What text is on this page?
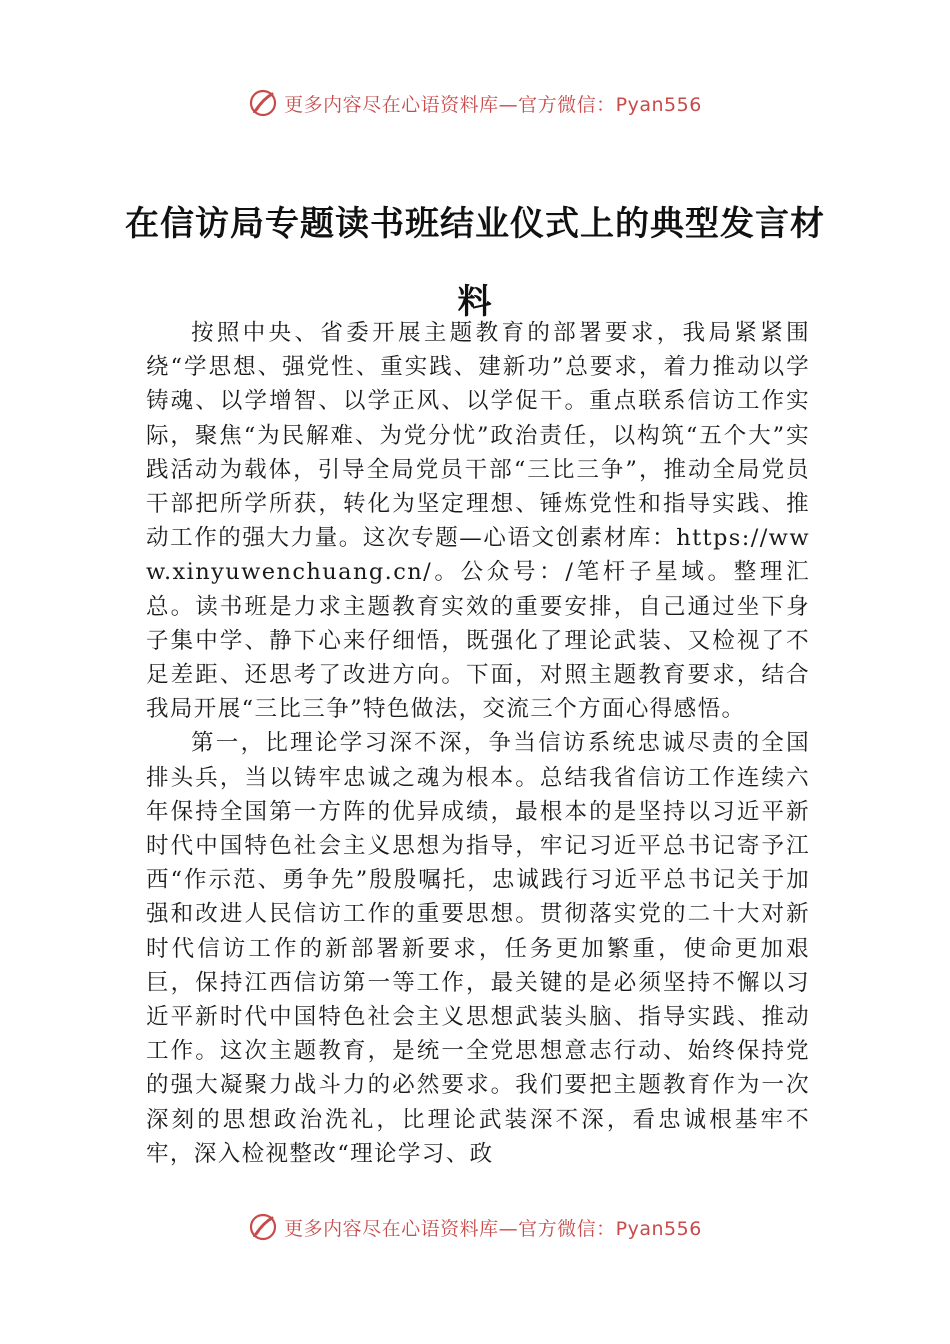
更多内容尽在心语资料库—官方微信：Pyan556
在信访局专题读书班结业仪式上的典型发言材料

按照中央、省委开展主题教育的部署要求，我局紧紧围绕“学思想、强党性、重实践、建新功”总要求，着力推动以学铸魂、以学增智、以学正风、以学促干。重点联系信访工作实际，聚焦“为民解难、为党分忧”政治责任，以构筑“五个大”实践活动为载体，引导全局党员干部“三比三争”，推动全局党员干部把所学所获，转化为坚定理想、锤炼党性和指导实践、推动工作的强大力量。这次专题—心语文创素材库：https://www.xinyuwenchuang.cn/。公众号：/笔杆子星域。整理汇总。读书班是力求主题教育实效的重要安排，自己通过坐下身子集中学、静下心来仔细悟，既强化了理论武装、又检视了不足差距、还思考了改进方向。下面，对照主题教育要求，结合我局开展“三比三争”特色做法，交流三个方面心得感悟。

第一，比理论学习深不深，争当信访系统忠诚尽责的全国排头兵，当以铸牢忠诚之魂为根本。总结我省信访工作连续六年保持全国第一方阵的优异成绩，最根本的是坚持以习近平新时代中国特色社会主义思想为指导，牢记习近平总书记寄予江西“作示范、勇争先”殷殷嘱托，忠诚践行习近平总书记关于加强和改进人民信访工作的重要思想。贯彻落实党的二十大对新时代信访工作的新部署新要求，任务更加繁重，使命更加艰巨，保持江西信访第一等工作，最关键的是必须坚持不懈以习近平新时代中国特色社会主义思想武装头脑、指导实践、推动工作。这次主题教育，是统一全党思想意志行动、始终保持党的强大凝聚力战斗力的必然要求。我们要把主题教育作为一次深刻的思想政治洗礼，比理论武装深不深，看忠诚根基牢不牢，深入检视整改“理论学习、政

更多内容尽在心语资料库—官方微信：Pyan556
